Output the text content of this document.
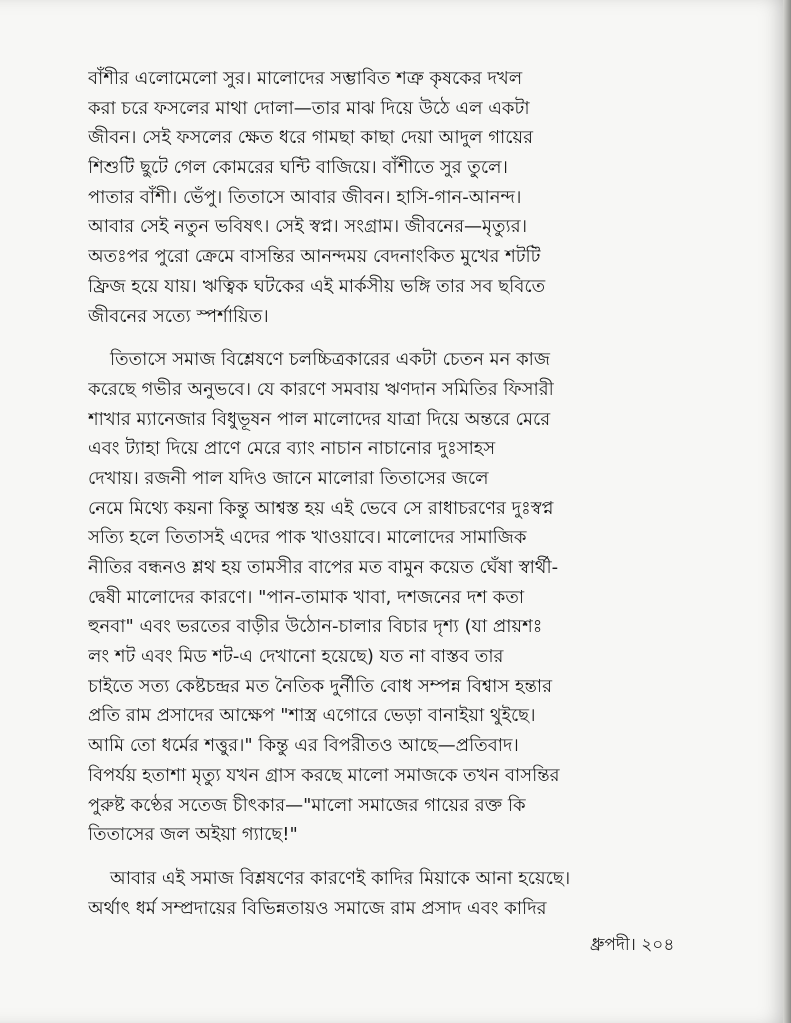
বাঁশীর এলোমেলো সুর। মালোদের সম্ভাবিত শত্রু কৃষকের দখল
করা চরে ফসলের মাথা দোলা—তার মাঝ দিয়ে উঠে এল একটা
জীবন। সেই ফসলের ক্ষেত ধরে গামছা কাছা দেয়া আদুল গায়ের
শিশুটি ছুটে গেল কোমরের ঘন্টি বাজিয়ে। বাঁশীতে সুর তুলে।
পাতার বাঁশী। ভেঁপু। তিতাসে আবার জীবন। হাসি-গান-আনন্দ।
আবার সেই নতুন ভবিষৎ। সেই স্বপ্ন। সংগ্রাম। জীবনের—মৃত্যুর।
অতঃপর পুরো ক্রেমে বাসন্তির আনন্দময় বেদনাংকিত মুখের শটটি
ফ্রিজ হয়ে যায়। ঋত্বিক ঘটকের এই মার্কসীয় ভঙ্গি তার সব ছবিতে
জীবনের সত্যে স্পর্শায়িত।
তিতাসে সমাজ বিশ্লেষণে চলচ্চিত্রকারের একটা চেতন মন কাজ
করেছে গভীর অনুভবে। যে কারণে সমবায় ঋণদান সমিতির ফিসারী
শাখার ম্যানেজার বিধুভূষন পাল মালোদের যাত্রা দিয়ে অন্তরে মেরে
এবং ট্যাহা দিয়ে প্রাণে মেরে ব্যাং নাচান নাচানোর দুঃসাহস
দেখায়। রজনী পাল যদিও জানে মালোরা তিতাসের জলে
নেমে মিথ্যে কয়না কিন্তু আশ্বস্ত হয় এই ভেবে সে রাধাচরণের দুঃস্বপ্ন
সত্যি হলে তিতাসই এদের পাক খাওয়াবে। মালোদের সামাজিক
নীতির বন্ধনও শ্লথ হয় তামসীর বাপের মত বামুন কয়েত ঘেঁষা স্বার্থী-
দ্বেষী মালোদের কারণে। "পান-তামাক খাবা, দশজনের দশ কতা
হুনবা" এবং ভরতের বাড়ীর উঠোন-চালার বিচার দৃশ্য (যা প্রায়শঃ
লং শট এবং মিড শট-এ দেখানো হয়েছে) যত না বাস্তব তার
চাইতে সত্য কেষ্টচন্দ্রর মত নৈতিক দুর্নীতি বোধ সম্পন্ন বিশ্বাস হন্তার
প্রতি রাম প্রসাদের আক্ষেপ "শাস্ত্র এগোরে ভেড়া বানাইয়া থুইছে।
আমি তো ধর্মের শত্তুর।" কিন্তু এর বিপরীতও আছে—প্রতিবাদ।
বিপর্যয় হতাশা মৃত্যু যখন গ্রাস করছে মালো সমাজকে তখন বাসন্তির
পুরুষ্ট কণ্ঠের সতেজ চীৎকার—"মালো সমাজের গায়ের রক্ত কি
তিতাসের জল অইয়া গ্যাছে!"
আবার এই সমাজ বিশ্লষণের কারণেই কাদির মিয়াকে আনা হয়েছে।
অর্থাৎ ধর্ম সম্প্রদায়ের বিভিন্নতায়ও সমাজে রাম প্রসাদ এবং কাদির
ধ্রুপদী। ২০৪
